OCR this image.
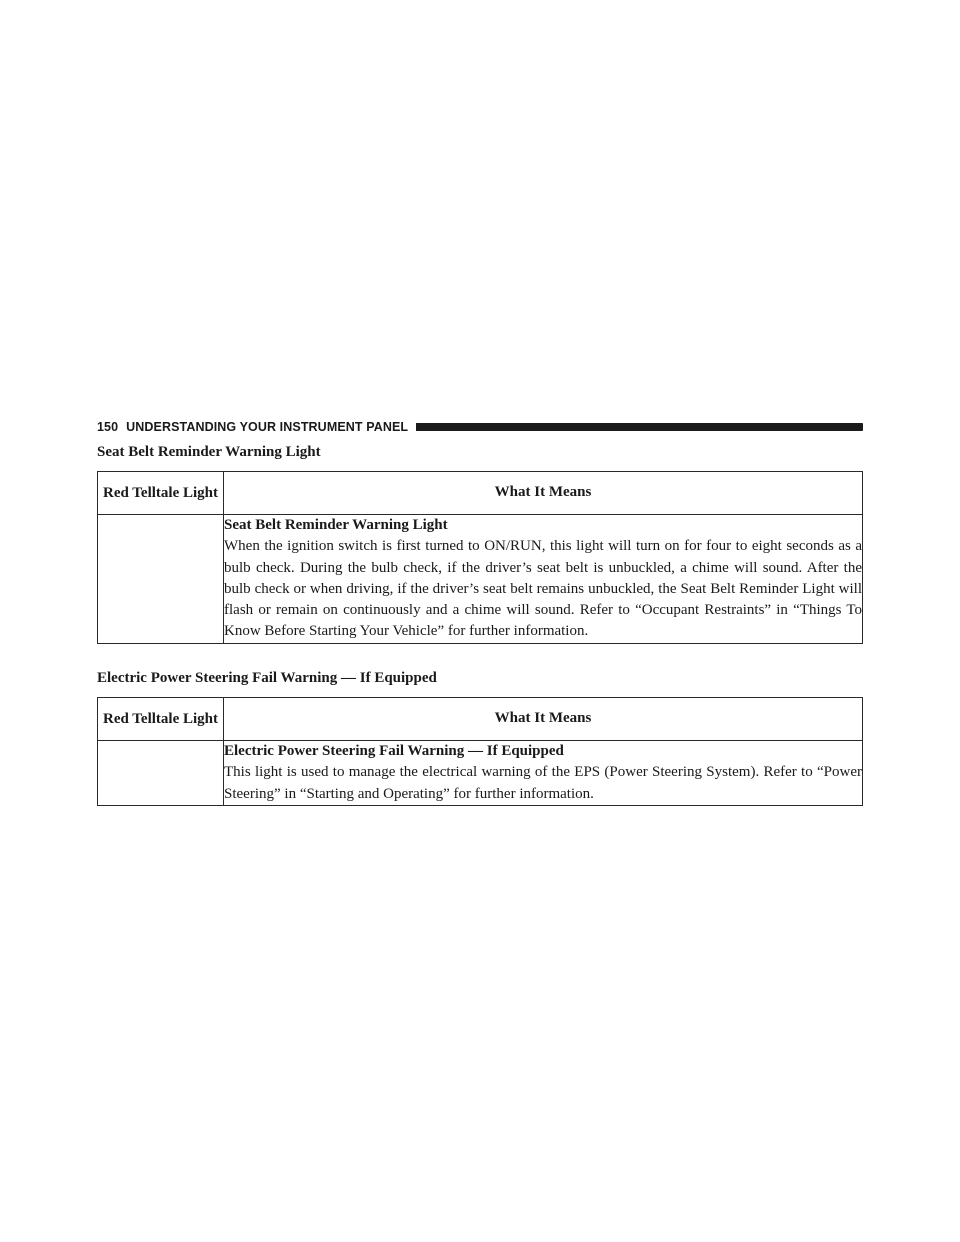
150 UNDERSTANDING YOUR INSTRUMENT PANEL
Seat Belt Reminder Warning Light
Red Telltale Light	What It Means

	Seat Belt Reminder Warning Light
When the ignition switch is first turned to ON/RUN, this light will turn on for four to eight seconds as a bulb check. During the bulb check, if the driver’s seat belt is unbuckled, a chime will sound. After the bulb check or when driving, if the driver’s seat belt remains unbuckled, the Seat Belt Reminder Light will flash or remain on continuously and a chime will sound. Refer to “Occupant Restraints” in “Things To Know Before Starting Your Vehicle” for further information.
Electric Power Steering Fail Warning — If Equipped
Red Telltale Light	What It Means

	Electric Power Steering Fail Warning — If Equipped
This light is used to manage the electrical warning of the EPS (Power Steering System). Refer to “Power Steering” in “Starting and Operating” for further information.
